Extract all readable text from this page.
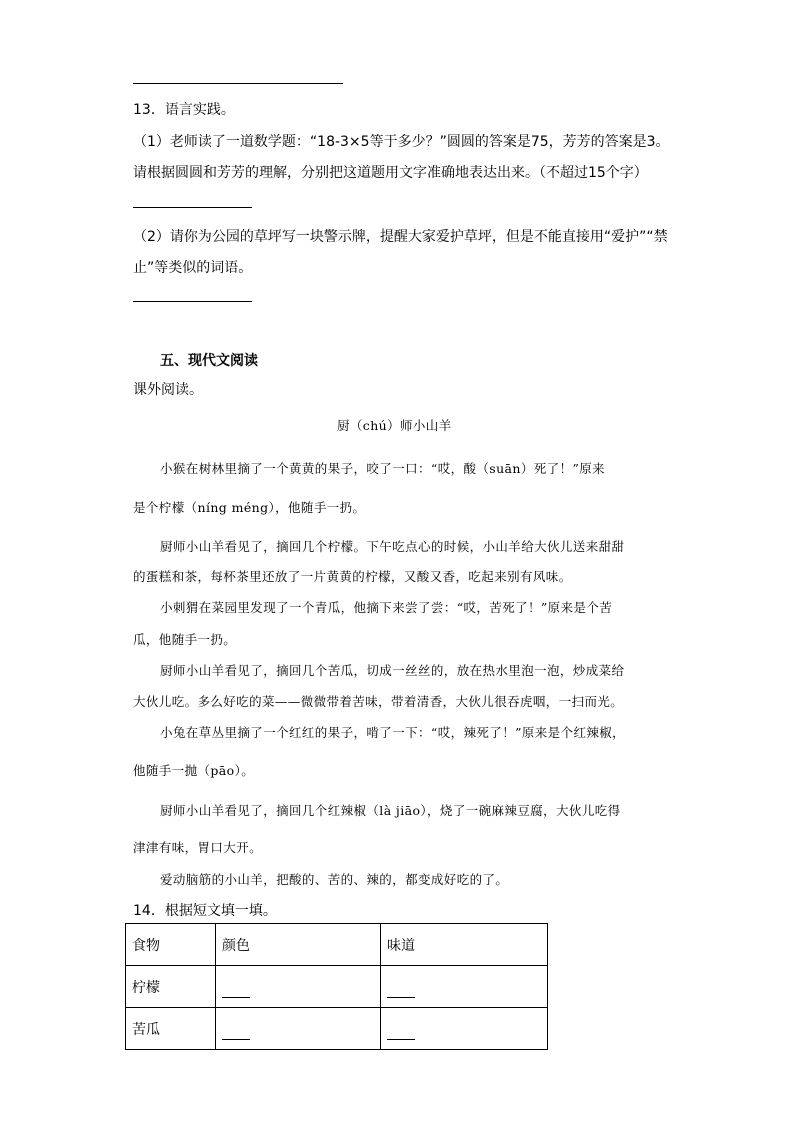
13．语言实践。
（1）老师读了一道数学题：“18-3×5等于多少？”圆圆的答案是75，芳芳的答案是3。
请根据圆圆和芳芳的理解，分别把这道题用文字准确地表达出来。（不超过15个字）
（2）请你为公园的草坪写一块警示牌，提醒大家爱护草坪，但是不能直接用“爱护”“禁
止”等类似的词语。
五、现代文阅读
课外阅读。
厨（chú）师小山羊
小猴在树林里摘了一个黄黄的果子，咬了一口：“哎，酸（suān）死了！”原来
是个柠檬（níng méng），他随手一扔。
厨师小山羊看见了，摘回几个柠檬。下午吃点心的时候，小山羊给大伙儿送来甜甜
的蛋糕和茶，每杯茶里还放了一片黄黄的柠檬，又酸又香，吃起来别有风味。
小刺猬在菜园里发现了一个青瓜，他摘下来尝了尝：“哎，苦死了！”原来是个苦
瓜，他随手一扔。
厨师小山羊看见了，摘回几个苦瓜，切成一丝丝的，放在热水里泡一泡，炒成菜给
大伙儿吃。多么好吃的菜——微微带着苦味，带着清香，大伙儿很吞虎咽，一扫而光。
小兔在草丛里摘了一个红红的果子，啃了一下：“哎，辣死了！”原来是个红辣椒，
他随手一抛（pāo）。
厨师小山羊看见了，摘回几个红辣椒（là jiāo），烧了一碗麻辣豆腐，大伙儿吃得
津津有味，胃口大开。
爱动脑筋的小山羊，把酸的、苦的、辣的，都变成好吃的了。
14．根据短文填一填。
食物	颜色	味道
柠檬		
苦瓜		
